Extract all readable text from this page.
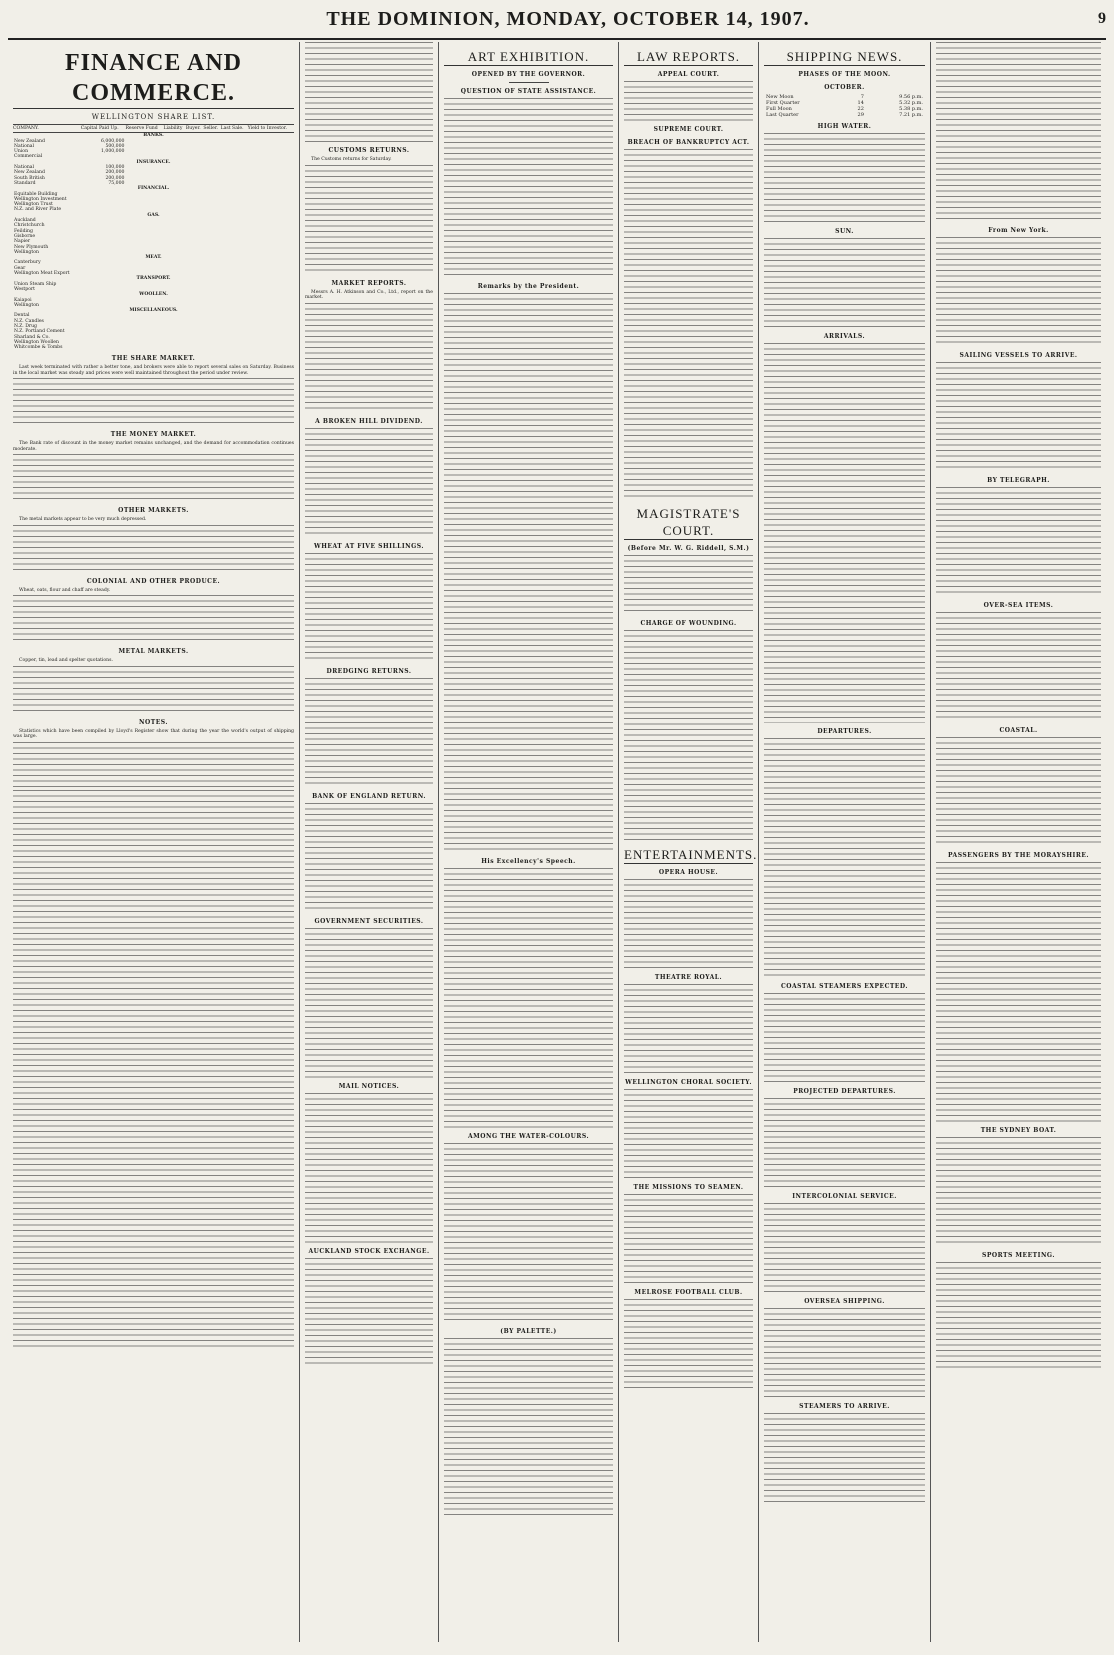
THE DOMINION, MONDAY, OCTOBER 14, 1907.	9
FINANCE AND COMMERCE.
WELLINGTON SHARE LIST.
COMPANY.	Capital Paid Up.	Reserve Fund	Liability	Buyer.	Seller.	Last Sale.	Yield to Investor.
BANKS.							
New Zealand	6,000,000						
National	500,000						
Union	1,000,000						
Commercial							
INSURANCE.							
National	100,000						
New Zealand	200,000						
South British	200,000						
Standard	75,000						
FINANCIAL.							
Equitable Building							
Wellington Investment							
Wellington Trust							
N.Z. and River Plate							
GAS.							
Auckland							
Christchurch							
Feilding							
Gisborne							
Napier							
New Plymouth							
Wellington							
MEAT.							
Canterbury							
Gear							
Wellington Meat Export							
TRANSPORT.							
Union Steam Ship							
Westport							
WOOLLEN.							
Kaiapoi							
Wellington							
MISCELLANEOUS.							
Dental							
N.Z. Candles							
N.Z. Drug							
N.Z. Portland Cement							
Sharland & Co.							
Wellington Woollen							
Whitcombe & Tombs							
THE SHARE MARKET.

Last week terminated with rather a better tone, and brokers were able to report several sales on Saturday. Business in the local market was steady and prices were well maintained throughout the period under review.

THE MONEY MARKET.

The Bank rate of discount in the money market remains unchanged, and the demand for accommodation continues moderate.

OTHER MARKETS.

The metal markets appear to be very much depressed.

COLONIAL AND OTHER PRODUCE.

Wheat, oats, flour and chaff are steady.

METAL MARKETS.

Copper, tin, lead and spelter quotations.

NOTES.

Statistics which have been compiled by Lloyd's Register show that during the year the world's output of shipping was large.

CUSTOMS RETURNS.

The Customs returns for Saturday.

MARKET REPORTS.

Messrs A. H. Atkinson and Co., Ltd., report on the market.

A BROKEN HILL DIVIDEND.
WHEAT AT FIVE SHILLINGS.
DREDGING RETURNS.
BANK OF ENGLAND RETURN.
GOVERNMENT SECURITIES.
MAIL NOTICES.
AUCKLAND STOCK EXCHANGE.
ART EXHIBITION.
OPENED BY THE GOVERNOR.
QUESTION OF STATE ASSISTANCE.
Remarks by the President.
His Excellency's Speech.
AMONG THE WATER-COLOURS.
(BY PALETTE.)
LAW REPORTS.
APPEAL COURT.
SUPREME COURT.
BREACH OF BANKRUPTCY ACT.
MAGISTRATE'S COURT.
(Before Mr. W. G. Riddell, S.M.)
CHARGE OF WOUNDING.
ENTERTAINMENTS.
OPERA HOUSE.
THEATRE ROYAL.
WELLINGTON CHORAL SOCIETY.
THE MISSIONS TO SEAMEN.
MELROSE FOOTBALL CLUB.
SHIPPING NEWS.
PHASES OF THE MOON.
OCTOBER.
New Moon	7	9.56 p.m.
First Quarter	14	5.32 p.m.
Full Moon	22	5.38 p.m.
Last Quarter	29	7.21 p.m.
HIGH WATER.
SUN.
ARRIVALS.
DEPARTURES.
COASTAL STEAMERS EXPECTED.
PROJECTED DEPARTURES.
INTERCOLONIAL SERVICE.
OVERSEA SHIPPING.
STEAMERS TO ARRIVE.
From New York.
SAILING VESSELS TO ARRIVE.
BY TELEGRAPH.
OVER-SEA ITEMS.
COASTAL.
PASSENGERS BY THE MORAYSHIRE.
THE SYDNEY BOAT.
SPORTS MEETING.
